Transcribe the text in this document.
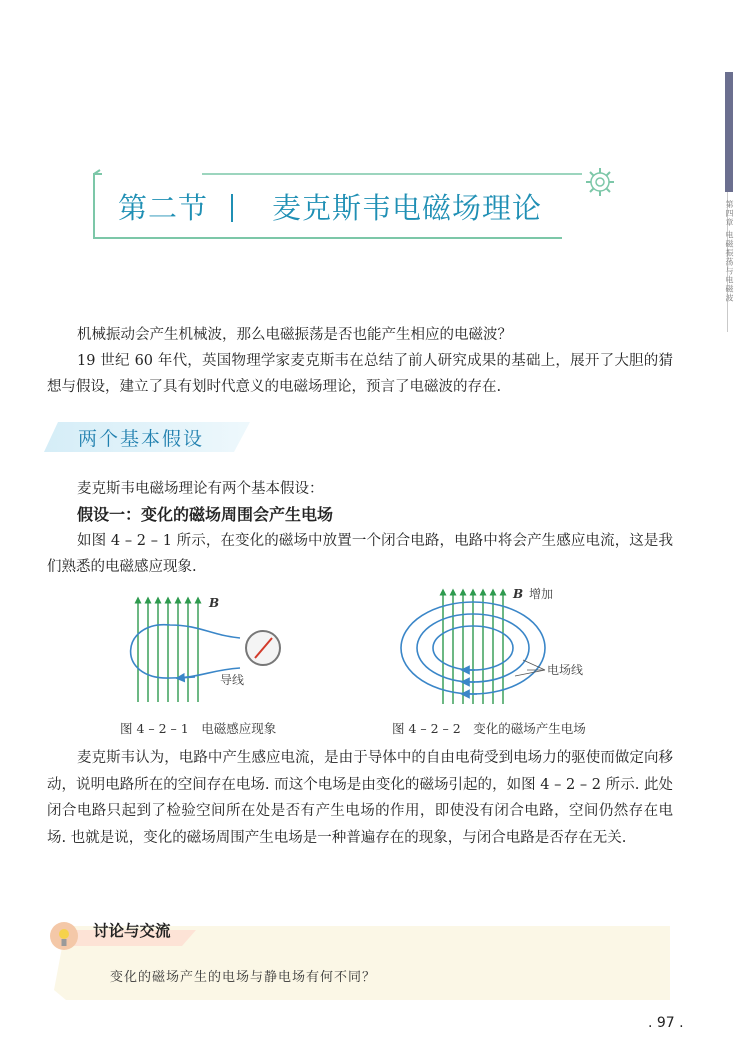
第四章 电磁振荡与电磁波
第二节 麦克斯韦电磁场理论
机械振动会产生机械波，那么电磁振荡是否也能产生相应的电磁波？
19 世纪 60 年代，英国物理学家麦克斯韦在总结了前人研究成果的基础上，展开了大胆的猜想与假设，建立了具有划时代意义的电磁场理论，预言了电磁波的存在.
两个基本假设
麦克斯韦电磁场理论有两个基本假设：
假设一：变化的磁场周围会产生电场
如图 4 – 2 – 1 所示，在变化的磁场中放置一个闭合电路，电路中将会产生感应电流，这是我们熟悉的电磁感应现象.
B
导线
图 4 – 2 – 1　电磁感应现象
B 增加
电场线
图 4 – 2 – 2　变化的磁场产生电场
麦克斯韦认为，电路中产生感应电流，是由于导体中的自由电荷受到电场力的驱使而做定向移动，说明电路所在的空间存在电场. 而这个电场是由变化的磁场引起的，如图 4 – 2 – 2 所示. 此处闭合电路只起到了检验空间所在处是否有产生电场的作用，即使没有闭合电路，空间仍然存在电场. 也就是说，变化的磁场周围产生电场是一种普遍存在的现象，与闭合电路是否存在无关.
讨论与交流
变化的磁场产生的电场与静电场有何不同？
. 97 .
